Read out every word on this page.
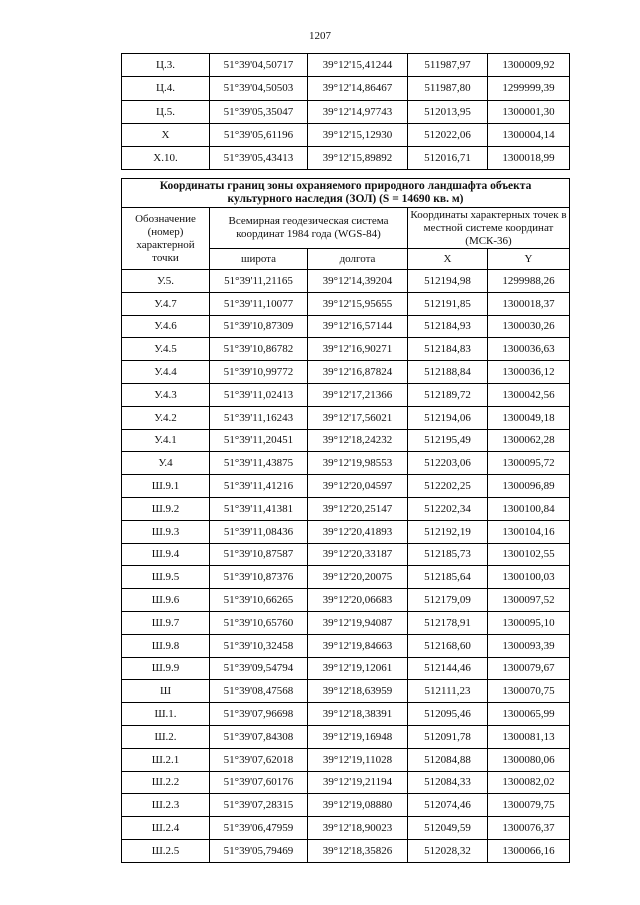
1207
Ц.3.	51°39'04,50717	39°12'15,41244	511987,97	1300009,92
Ц.4.	51°39'04,50503	39°12'14,86467	511987,80	1299999,39
Ц.5.	51°39'05,35047	39°12'14,97743	512013,95	1300001,30
Х	51°39'05,61196	39°12'15,12930	512022,06	1300004,14
Х.10.	51°39'05,43413	39°12'15,89892	512016,71	1300018,99
Координаты границ зоны охраняемого природного ландшафта объекта культурного наследия (ЗОЛ) (S = 14690 кв. м)				
Обозначение (номер) характерной точки	Всемирная геодезическая система координат 1984 года (WGS-84)		Координаты характерных точек в местной системе координат (МСК-36)	
	широта	долгота	X	Y
У.5.	51°39'11,21165	39°12'14,39204	512194,98	1299988,26
У.4.7	51°39'11,10077	39°12'15,95655	512191,85	1300018,37
У.4.6	51°39'10,87309	39°12'16,57144	512184,93	1300030,26
У.4.5	51°39'10,86782	39°12'16,90271	512184,83	1300036,63
У.4.4	51°39'10,99772	39°12'16,87824	512188,84	1300036,12
У.4.3	51°39'11,02413	39°12'17,21366	512189,72	1300042,56
У.4.2	51°39'11,16243	39°12'17,56021	512194,06	1300049,18
У.4.1	51°39'11,20451	39°12'18,24232	512195,49	1300062,28
У.4	51°39'11,43875	39°12'19,98553	512203,06	1300095,72
Ш.9.1	51°39'11,41216	39°12'20,04597	512202,25	1300096,89
Ш.9.2	51°39'11,41381	39°12'20,25147	512202,34	1300100,84
Ш.9.3	51°39'11,08436	39°12'20,41893	512192,19	1300104,16
Ш.9.4	51°39'10,87587	39°12'20,33187	512185,73	1300102,55
Ш.9.5	51°39'10,87376	39°12'20,20075	512185,64	1300100,03
Ш.9.6	51°39'10,66265	39°12'20,06683	512179,09	1300097,52
Ш.9.7	51°39'10,65760	39°12'19,94087	512178,91	1300095,10
Ш.9.8	51°39'10,32458	39°12'19,84663	512168,60	1300093,39
Ш.9.9	51°39'09,54794	39°12'19,12061	512144,46	1300079,67
Ш	51°39'08,47568	39°12'18,63959	512111,23	1300070,75
Ш.1.	51°39'07,96698	39°12'18,38391	512095,46	1300065,99
Ш.2.	51°39'07,84308	39°12'19,16948	512091,78	1300081,13
Ш.2.1	51°39'07,62018	39°12'19,11028	512084,88	1300080,06
Ш.2.2	51°39'07,60176	39°12'19,21194	512084,33	1300082,02
Ш.2.3	51°39'07,28315	39°12'19,08880	512074,46	1300079,75
Ш.2.4	51°39'06,47959	39°12'18,90023	512049,59	1300076,37
Ш.2.5	51°39'05,79469	39°12'18,35826	512028,32	1300066,16
